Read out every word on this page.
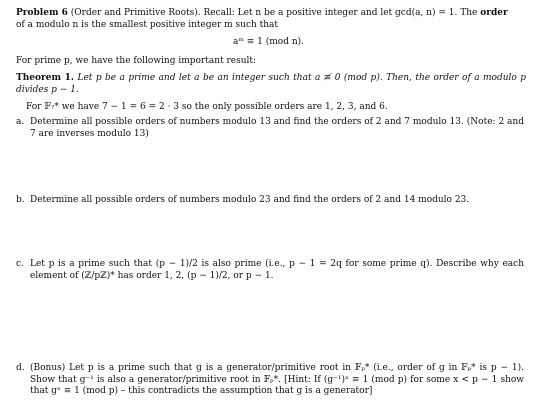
Problem 6 (Order and Primitive Roots). Recall: Let n be a positive integer and let gcd(a, n) = 1. The order
of a modulo n is the smallest positive integer m such that
aᵐ ≡ 1 (mod n).
For prime p, we have the following important result:
Theorem 1. Let p be a prime and let a be an integer such that a ≢ 0 (mod p). Then, the order of a modulo p divides p − 1.
For 𝔽₇* we have 7 − 1 = 6 = 2 · 3 so the only possible orders are 1, 2, 3, and 6.
a. Determine all possible orders of numbers modulo 13 and find the orders of 2 and 7 modulo 13. (Note: 2 and 7 are inverses modulo 13)
b. Determine all possible orders of numbers modulo 23 and find the orders of 2 and 14 modulo 23.
c. Let p is a prime such that (p − 1)/2 is also prime (i.e., p − 1 = 2q for some prime q). Describe why each element of (ℤ/pℤ)* has order 1, 2, (p − 1)/2, or p − 1.
d. (Bonus) Let p is a prime such that g is a generator/primitive root in 𝔽ₚ* (i.e., order of g in 𝔽ₚ* is p − 1). Show that g⁻¹ is also a generator/primitive root in 𝔽ₚ*. [Hint: If (g⁻¹)ˣ ≡ 1 (mod p) for some x < p − 1 show that gˣ ≡ 1 (mod p) – this contradicts the assumption that g is a generator]
